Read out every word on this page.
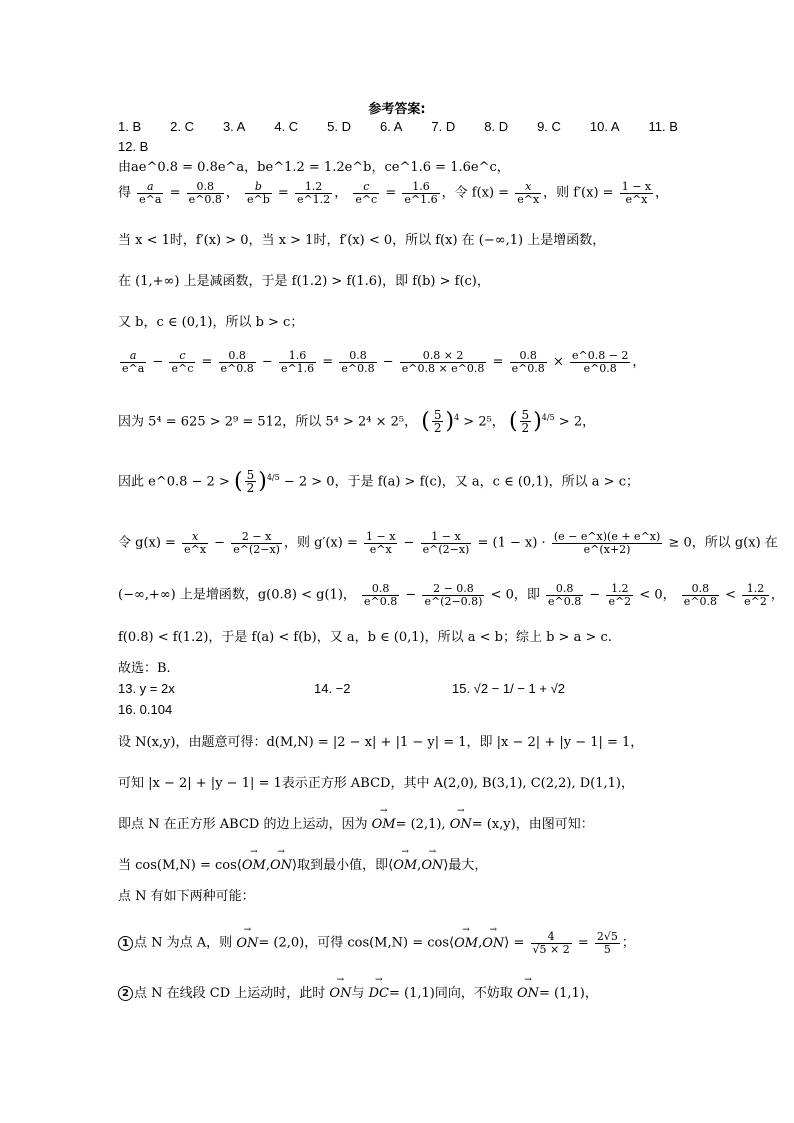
参考答案:
1. B 2. C 3. A 4. C 5. D 6. A 7. D 8. D 9. C 10. A 11. B
12. B
由ae^0.8 = 0.8e^a，be^1.2 = 1.2e^b，ce^1.6 = 1.6e^c，
得 $\frac{a}{e\^{}a} = \frac{0.8}{e\^{}0.8}$ ， $\frac{b}{e\^{}b} = \frac{1.2}{e\^{}1.2}$ ， $\frac{c}{e\^{}c} = \frac{1.6}{e\^{}1.6}$ ，令 $f(x) = \frac{x}{e\^{}x}$ ，则 $f'(x) = \frac{1 - x}{e\^{}x}$ ，
当 x < 1时，f′(x) > 0，当 x > 1时，f′(x) < 0，所以 f(x) 在 (−∞,1) 上是增函数，
在 (1,+∞) 上是减函数，于是 f(1.2) > f(1.6)，即 f(b) > f(c)，
又 b，c ∈ (0,1)，所以 b > c；
$\frac{a}{e\^{}a} - \frac{c}{e\^{}c} = \frac{0.8}{e\^{}0.8} - \frac{1.6}{e\^{}1.6} = \frac{0.8}{e\^{}0.8} - \frac{0.8 \times 2}{e\^{}0.8 \times e\^{}0.8} = \frac{0.8}{e\^{}0.8} \times \frac{e\^{}0.8 - 2}{e\^{}0.8}$ ，
因为 5⁴ = 625 > 2⁹ = 512，所以 5⁴ > 2⁴ × 2⁵， ( $\frac{5}{2} )^4 > 2^5$， ( $\frac{5}{2} )^{4/5} > 2$，
因此 e^0.8 − 2 > ( $\frac{5}{2} )^{4/5} - 2 > 0$，于是 f(a) > f(c)，又 a，c ∈ (0,1)，所以 a > c；
令 $g(x) = \frac{x}{e\^{}x} - \frac{2 - x}{e\^{}(2-x)}$ ，则 $g'(x) = \frac{1 - x}{e\^{}x} - \frac{1 - x}{e\^{}(2-x)} = (1 - x) \cdot \frac{(e - e\^{}x)(e + e\^{}x)}{e\^{}(x+2)} \ge 0$，所以 g(x) 在
(−∞,+∞) 上是增函数，g(0.8) < g(1)， $\frac{0.8}{e\^{}0.8} - \frac{2 - 0.8}{e\^{}(2-0.8)} < 0$，即 $\frac{0.8}{e\^{}0.8} - \frac{1.2}{e\^{}2} < 0$， $\frac{0.8}{e\^{}0.8} < \frac{1.2}{e\^{}2}$ ，
f(0.8) < f(1.2)，于是 f(a) < f(b)，又 a，b ∈ (0,1)，所以 a < b；综上 b > a > c.
故选：B.
13. y = 2x	14. −2	15. √2 − 1/ − 1 + √2
16. 0.104
设 N(x,y)，由题意可得：d(M,N) = |2 − x| + |1 − y| = 1，即 |x − 2| + |y − 1| = 1，
可知 |x − 2| + |y − 1| = 1表示正方形 ABCD，其中 A(2,0), B(3,1), C(2,2), D(1,1)，
即点 N 在正方形 ABCD 的边上运动，因为 → OM= (2,1), → ON= (x,y)，由图可知：
当 cos(M,N) = cos⟨→ OM,→ ON⟩取到最小值，即⟨→ OM,→ ON⟩最大，
点 N 有如下两种可能：
1 点 N 为点 A，则 → ON= (2,0)，可得 cos(M,N) = cos⟨→ OM,→ ON⟩ = $\frac{4}{√5 \times 2} = \frac{2√5}{5}$ ；
2 点 N 在线段 CD 上运动时，此时 → ON与 → DC= (1,1)同向，不妨取 → ON= (1,1)，
